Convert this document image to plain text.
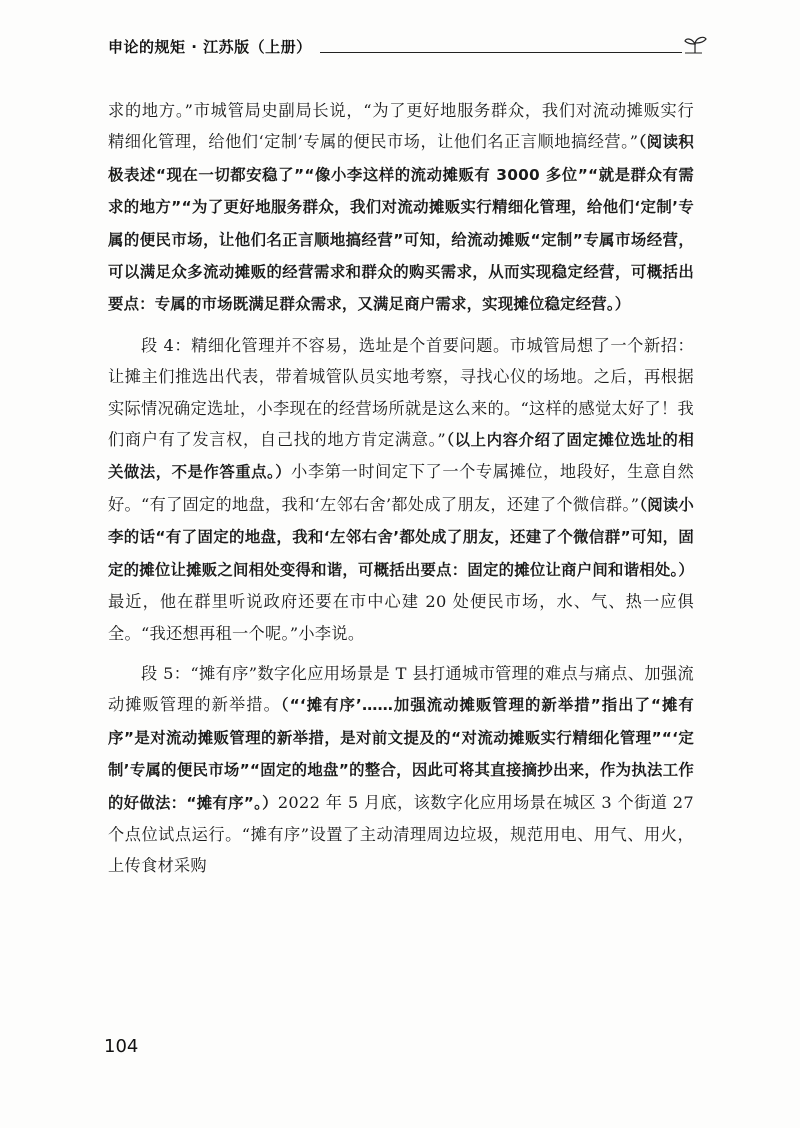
申论的规矩 · 江苏版（上册）

求的地方。”市城管局史副局长说，“为了更好地服务群众，我们对流动摊贩实行精细化管理，给他们‘定制’专属的便民市场，让他们名正言顺地搞经营。”（阅读积极表述“现在一切都安稳了”“像小李这样的流动摊贩有 3000 多位”“就是群众有需求的地方”“为了更好地服务群众，我们对流动摊贩实行精细化管理，给他们‘定制’专属的便民市场，让他们名正言顺地搞经营”可知，给流动摊贩“定制”专属市场经营，可以满足众多流动摊贩的经营需求和群众的购买需求，从而实现稳定经营，可概括出要点：专属的市场既满足群众需求，又满足商户需求，实现摊位稳定经营。）

段 4：精细化管理并不容易，选址是个首要问题。市城管局想了一个新招：让摊主们推选出代表，带着城管队员实地考察，寻找心仪的场地。之后，再根据实际情况确定选址，小李现在的经营场所就是这么来的。“这样的感觉太好了！我们商户有了发言权，自己找的地方肯定满意。”（以上内容介绍了固定摊位选址的相关做法，不是作答重点。）小李第一时间定下了一个专属摊位，地段好，生意自然好。“有了固定的地盘，我和‘左邻右舍’都处成了朋友，还建了个微信群。”（阅读小李的话“有了固定的地盘，我和‘左邻右舍’都处成了朋友，还建了个微信群”可知，固定的摊位让摊贩之间相处变得和谐，可概括出要点：固定的摊位让商户间和谐相处。）最近，他在群里听说政府还要在市中心建 20 处便民市场，水、气、热一应俱全。“我还想再租一个呢。”小李说。

段 5：“摊有序”数字化应用场景是 T 县打通城市管理的难点与痛点、加强流动摊贩管理的新举措。（“‘摊有序’……加强流动摊贩管理的新举措”指出了“摊有序”是对流动摊贩管理的新举措，是对前文提及的“对流动摊贩实行精细化管理”“‘定制’专属的便民市场”“固定的地盘”的整合，因此可将其直接摘抄出来，作为执法工作的好做法：“摊有序”。）2022 年 5 月底，该数字化应用场景在城区 3 个街道 27 个点位试点运行。“摊有序”设置了主动清理周边垃圾，规范用电、用气、用火，上传食材采购

104
